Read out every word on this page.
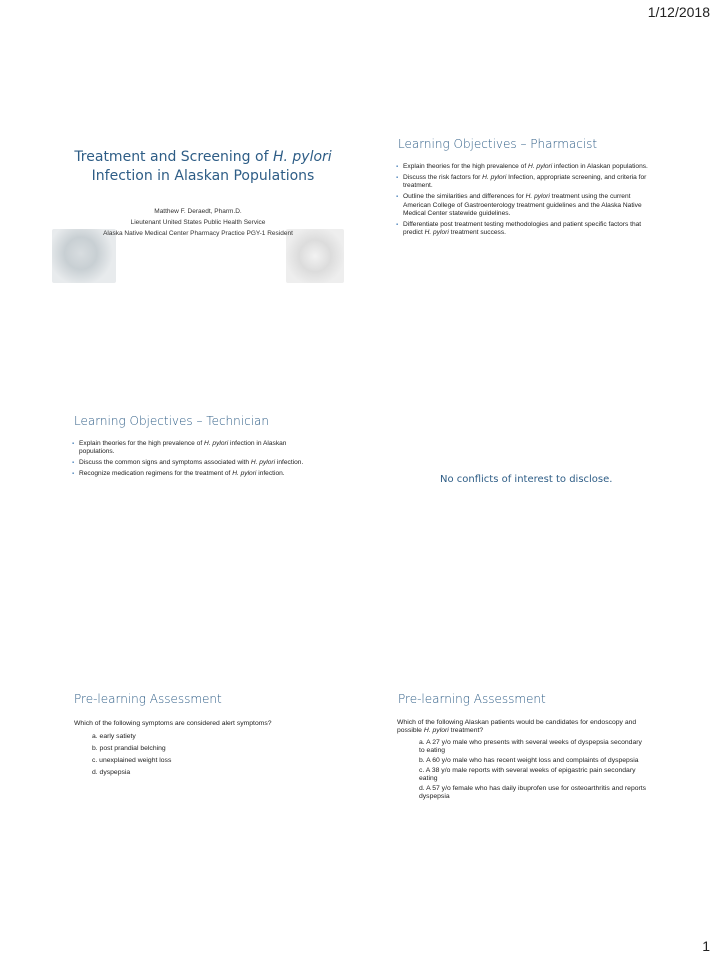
1/12/2018
Treatment and Screening of H. pylori Infection in Alaskan Populations
Matthew F. Deraedt, Pharm.D.
Lieutenant United States Public Health Service
Alaska Native Medical Center Pharmacy Practice PGY-1 Resident
Learning Objectives – Pharmacist
▪ Explain theories for the high prevalence of H. pylori infection in Alaskan populations.
▪ Discuss the risk factors for H. pylori Infection, appropriate screening, and criteria for treatment.
▪ Outline the similarities and differences for H. pylori treatment using the current American College of Gastroenterology treatment guidelines and the Alaska Native Medical Center statewide guidelines.
▪ Differentiate post treatment testing methodologies and patient specific factors that predict H. pylori treatment success.
Learning Objectives – Technician
▪ Explain theories for the high prevalence of H. pylori infection in Alaskan populations.
▪ Discuss the common signs and symptoms associated with H. pylori infection.
▪ Recognize medication regimens for the treatment of H. pylori infection.
No conflicts of interest to disclose.
Pre-learning Assessment
Which of the following symptoms are considered alert symptoms?
a. early satiety
b. post prandial belching
c. unexplained weight loss
d. dyspepsia
Pre-learning Assessment
Which of the following Alaskan patients would be candidates for endoscopy and possible H. pylori treatment?
a. A 27 y/o male who presents with several weeks of dyspepsia secondary to eating
b. A 60 y/o male who has recent weight loss and complaints of dyspepsia
c. A 38 y/o male reports with several weeks of epigastric pain secondary eating
d. A 57 y/o female who has daily ibuprofen use for osteoarthritis and reports dyspepsia
1
